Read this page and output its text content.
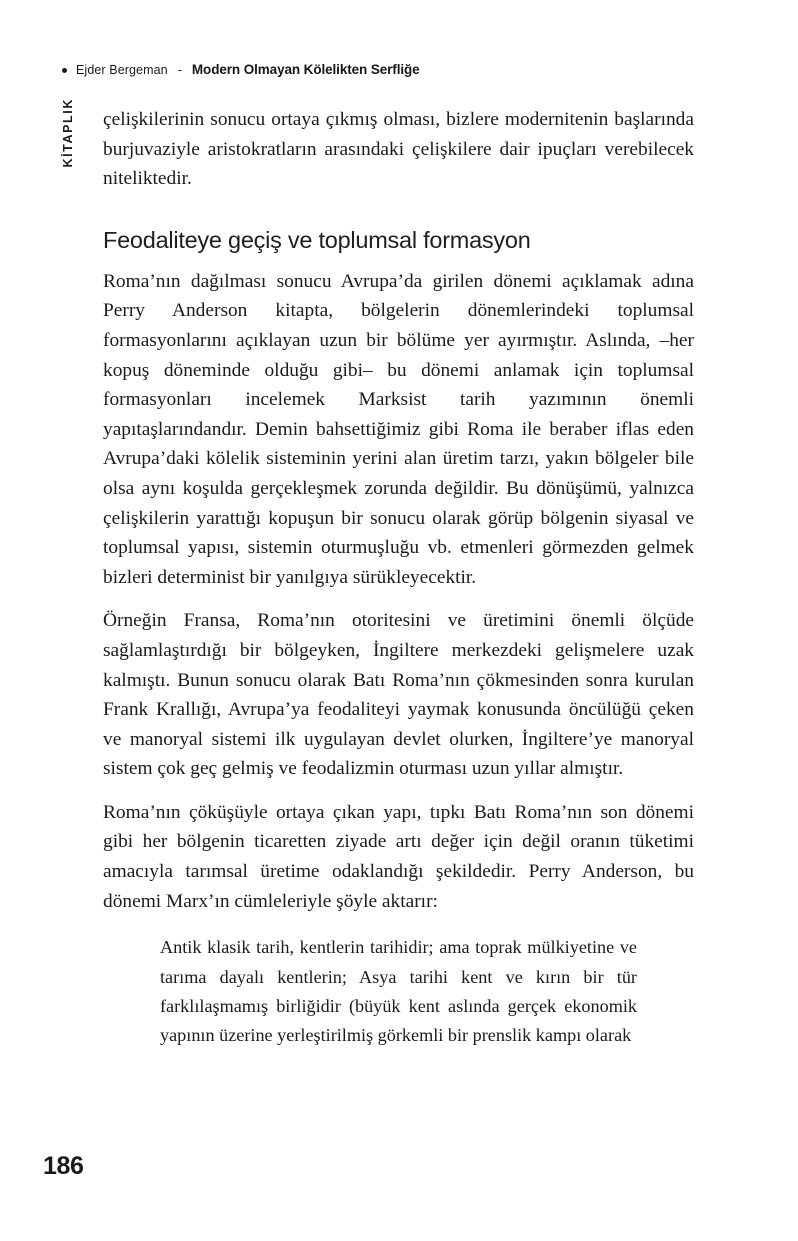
Ejder Bergeman - Modern Olmayan Kölelikten Serfliğe
KİTAPLIK çelişkilerinin sonucu ortaya çıkmış olması, bizlere modernitenin başlarında burjuvaziyle aristokratların arasındaki çelişkilere dair ipuçları verebilecek niteliktedir.

Feodaliteye geçiş ve toplumsal formasyon

Roma’nın dağılması sonucu Avrupa’da girilen dönemi açıklamak adına Perry Anderson kitapta, bölgelerin dönemlerindeki toplumsal formasyonlarını açıklayan uzun bir bölüme yer ayırmıştır. Aslında, –her kopuş döneminde olduğu gibi– bu dönemi anlamak için toplumsal formasyonları incelemek Marksist tarih yazımının önemli yapıtaşlarındandır. Demin bahsettiğimiz gibi Roma ile beraber iflas eden Avrupa’daki kölelik sisteminin yerini alan üretim tarzı, yakın bölgeler bile olsa aynı koşulda gerçekleşmek zorunda değildir. Bu dönüşümü, yalnızca çelişkilerin yarattığı kopuşun bir sonucu olarak görüp bölgenin siyasal ve toplumsal yapısı, sistemin oturmuşluğu vb. etmenleri görmezden gelmek bizleri determinist bir yanılgıya sürükleyecektir.

Örneğin Fransa, Roma’nın otoritesini ve üretimini önemli ölçüde sağlamlaştırdığı bir bölgeyken, İngiltere merkezdeki gelişmelere uzak kalmıştı. Bunun sonucu olarak Batı Roma’nın çökmesinden sonra kurulan Frank Krallığı, Avrupa’ya feodaliteyi yaymak konusunda öncülüğü çeken ve manoryal sistemi ilk uygulayan devlet olurken, İngiltere’ye manoryal sistem çok geç gelmiş ve feodalizmin oturması uzun yıllar almıştır.

Roma’nın çöküşüyle ortaya çıkan yapı, tıpkı Batı Roma’nın son dönemi gibi her bölgenin ticaretten ziyade artı değer için değil oranın tüketimi amacıyla tarımsal üretime odaklandığı şekildedir. Perry Anderson, bu dönemi Marx’ın cümleleriyle şöyle aktarır:

Antik klasik tarih, kentlerin tarihidir; ama toprak mülkiyetine ve tarıma dayalı kentlerin; Asya tarihi kent ve kırın bir tür farklılaşmamış birliğidir (büyük kent aslında gerçek ekonomik yapının üzerine yerleştirilmiş görkemli bir prenslik kampı olarak

186
